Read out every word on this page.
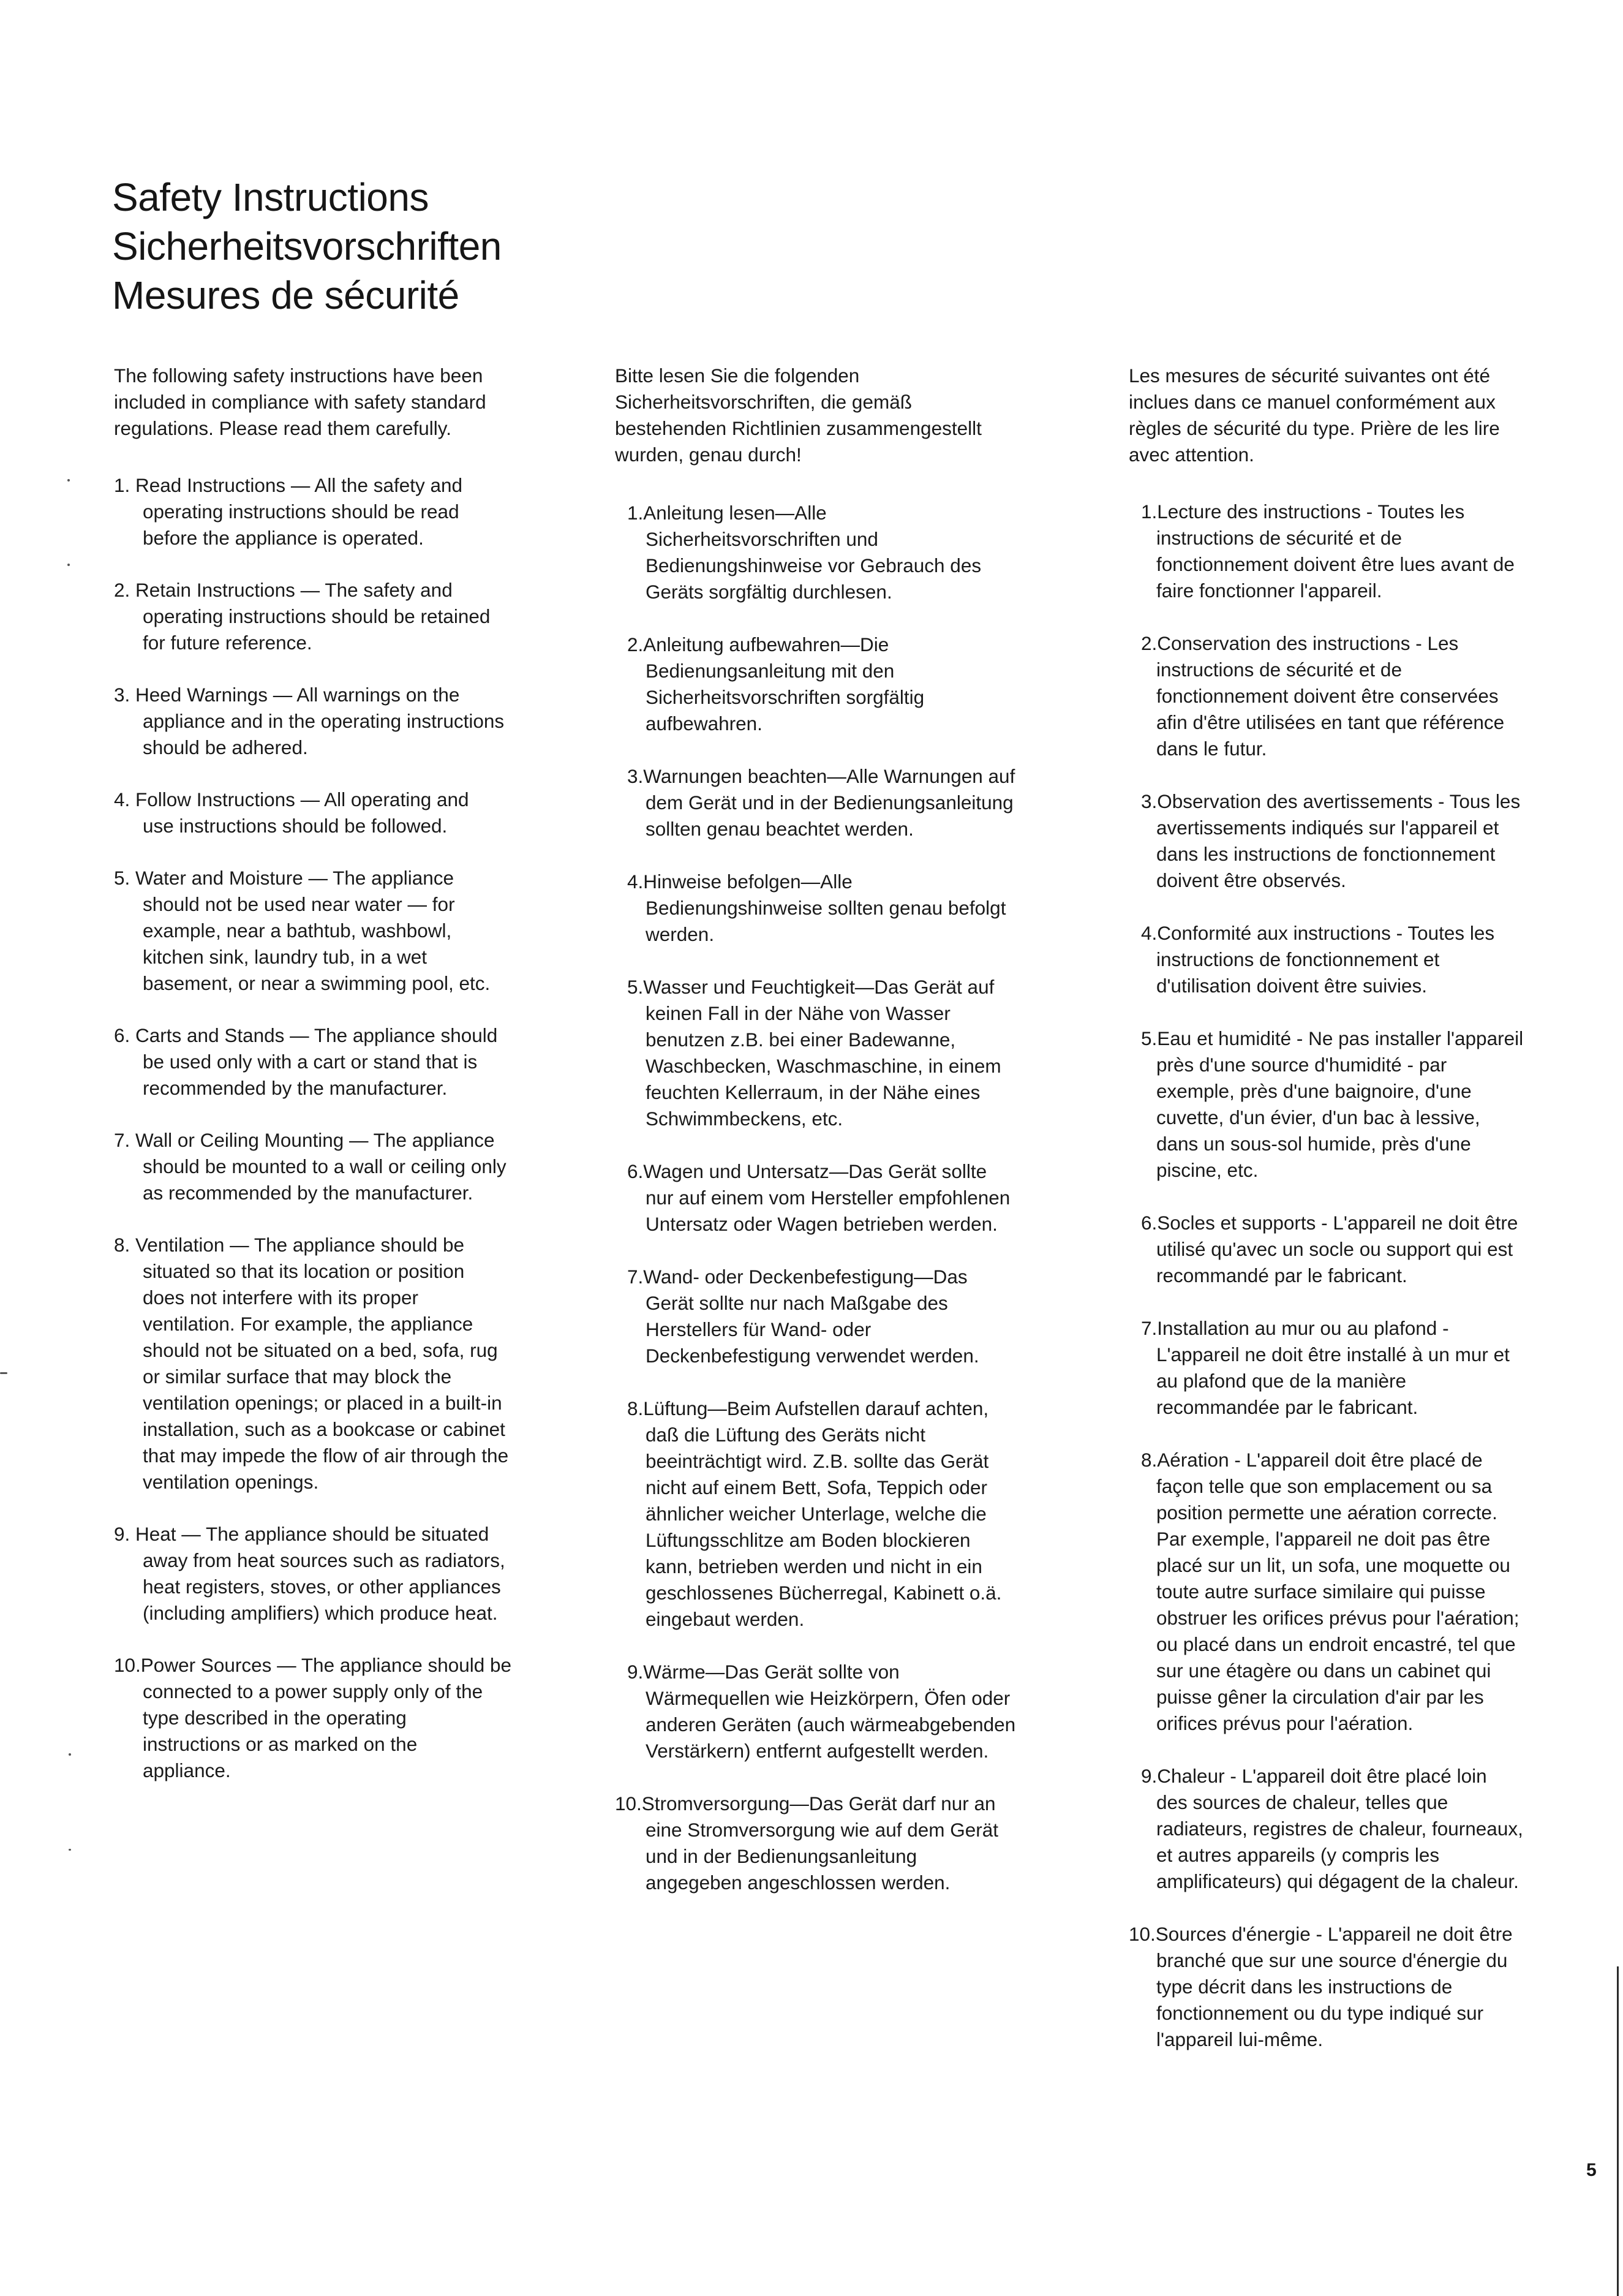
Safety Instructions
Sicherheitsvorschriften
Mesures de sécurité
The following safety instructions have been
included in compliance with safety standard
regulations. Please read them carefully.
1. Read Instructions — All the safety and
operating instructions should be read
before the appliance is operated.
2. Retain Instructions — The safety and
operating instructions should be retained
for future reference.
3. Heed Warnings — All warnings on the
appliance and in the operating instructions
should be adhered.
4. Follow Instructions — All operating and
use instructions should be followed.
5. Water and Moisture — The appliance
should not be used near water — for
example, near a bathtub, washbowl,
kitchen sink, laundry tub, in a wet
basement, or near a swimming pool, etc.
6. Carts and Stands — The appliance should
be used only with a cart or stand that is
recommended by the manufacturer.
7. Wall or Ceiling Mounting — The appliance
should be mounted to a wall or ceiling only
as recommended by the manufacturer.
8. Ventilation — The appliance should be
situated so that its location or position
does not interfere with its proper
ventilation. For example, the appliance
should not be situated on a bed, sofa, rug
or similar surface that may block the
ventilation openings; or placed in a built-in
installation, such as a bookcase or cabinet
that may impede the flow of air through the
ventilation openings.
9. Heat — The appliance should be situated
away from heat sources such as radiators,
heat registers, stoves, or other appliances
(including amplifiers) which produce heat.
10.Power Sources — The appliance should be
connected to a power supply only of the
type described in the operating
instructions or as marked on the
appliance.
Bitte lesen Sie die folgenden
Sicherheitsvorschriften, die gemäß
bestehenden Richtlinien zusammengestellt
wurden, genau durch!
1.Anleitung lesen—Alle
Sicherheitsvorschriften und
Bedienungshinweise vor Gebrauch des
Geräts sorgfältig durchlesen.
2.Anleitung aufbewahren—Die
Bedienungsanleitung mit den
Sicherheitsvorschriften sorgfältig
aufbewahren.
3.Warnungen beachten—Alle Warnungen auf
dem Gerät und in der Bedienungsanleitung
sollten genau beachtet werden.
4.Hinweise befolgen—Alle
Bedienungshinweise sollten genau befolgt
werden.
5.Wasser und Feuchtigkeit—Das Gerät auf
keinen Fall in der Nähe von Wasser
benutzen z.B. bei einer Badewanne,
Waschbecken, Waschmaschine, in einem
feuchten Kellerraum, in der Nähe eines
Schwimmbeckens, etc.
6.Wagen und Untersatz—Das Gerät sollte
nur auf einem vom Hersteller empfohlenen
Untersatz oder Wagen betrieben werden.
7.Wand- oder Deckenbefestigung—Das
Gerät sollte nur nach Maßgabe des
Herstellers für Wand- oder
Deckenbefestigung verwendet werden.
8.Lüftung—Beim Aufstellen darauf achten,
daß die Lüftung des Geräts nicht
beeinträchtigt wird. Z.B. sollte das Gerät
nicht auf einem Bett, Sofa, Teppich oder
ähnlicher weicher Unterlage, welche die
Lüftungsschlitze am Boden blockieren
kann, betrieben werden und nicht in ein
geschlossenes Bücherregal, Kabinett o.ä.
eingebaut werden.
9.Wärme—Das Gerät sollte von
Wärmequellen wie Heizkörpern, Öfen oder
anderen Geräten (auch wärmeabgebenden
Verstärkern) entfernt aufgestellt werden.
10.Stromversorgung—Das Gerät darf nur an
eine Stromversorgung wie auf dem Gerät
und in der Bedienungsanleitung
angegeben angeschlossen werden.
Les mesures de sécurité suivantes ont été
inclues dans ce manuel conformément aux
règles de sécurité du type. Prière de les lire
avec attention.
1.Lecture des instructions - Toutes les
instructions de sécurité et de
fonctionnement doivent être lues avant de
faire fonctionner l'appareil.
2.Conservation des instructions - Les
instructions de sécurité et de
fonctionnement doivent être conservées
afin d'être utilisées en tant que référence
dans le futur.
3.Observation des avertissements - Tous les
avertissements indiqués sur l'appareil et
dans les instructions de fonctionnement
doivent être observés.
4.Conformité aux instructions - Toutes les
instructions de fonctionnement et
d'utilisation doivent être suivies.
5.Eau et humidité - Ne pas installer l'appareil
près d'une source d'humidité - par
exemple, près d'une baignoire, d'une
cuvette, d'un évier, d'un bac à lessive,
dans un sous-sol humide, près d'une
piscine, etc.
6.Socles et supports - L'appareil ne doit être
utilisé qu'avec un socle ou support qui est
recommandé par le fabricant.
7.Installation au mur ou au plafond -
L'appareil ne doit être installé à un mur et
au plafond que de la manière
recommandée par le fabricant.
8.Aération - L'appareil doit être placé de
façon telle que son emplacement ou sa
position permette une aération correcte.
Par exemple, l'appareil ne doit pas être
placé sur un lit, un sofa, une moquette ou
toute autre surface similaire qui puisse
obstruer les orifices prévus pour l'aération;
ou placé dans un endroit encastré, tel que
sur une étagère ou dans un cabinet qui
puisse gêner la circulation d'air par les
orifices prévus pour l'aération.
9.Chaleur - L'appareil doit être placé loin
des sources de chaleur, telles que
radiateurs, registres de chaleur, fourneaux,
et autres appareils (y compris les
amplificateurs) qui dégagent de la chaleur.
10.Sources d'énergie - L'appareil ne doit être
branché que sur une source d'énergie du
type décrit dans les instructions de
fonctionnement ou du type indiqué sur
l'appareil lui-même.
5
